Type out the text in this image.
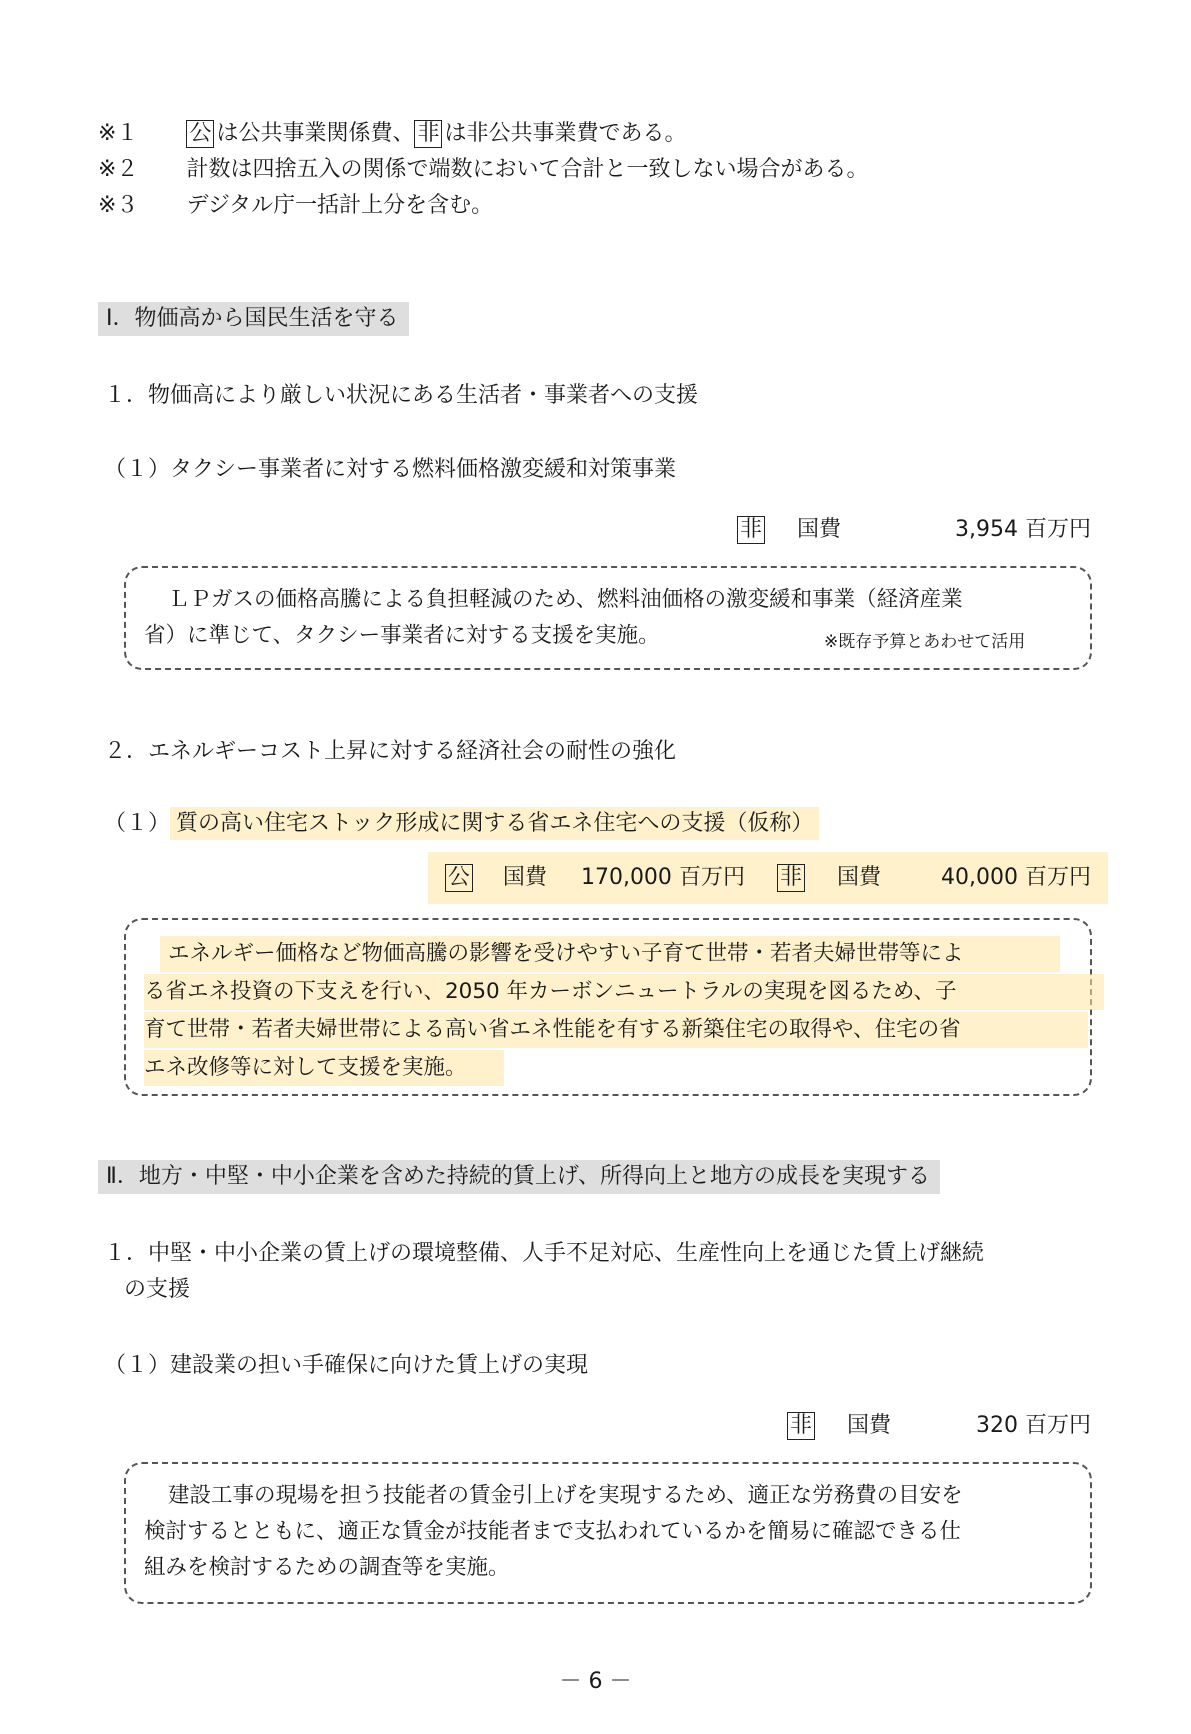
※１ 公 は公共事業関係費、 非 は非公共事業費である。
※２ 計数は四捨五入の関係で端数において合計と一致しない場合がある。
※３ デジタル庁一括計上分を含む。
Ⅰ．物価高から国民生活を守る
１．物価高により厳しい状況にある生活者・事業者への支援
（１）タクシー事業者に対する燃料価格激変緩和対策事業
非 国費	3,954 百万円
ＬＰガスの価格高騰による負担軽減のため、燃料油価格の激変緩和事業（経済産業
省）に準じて、タクシー事業者に対する支援を実施。	※既存予算とあわせて活用
２．エネルギーコスト上昇に対する経済社会の耐性の強化
（１） 質の高い住宅ストック形成に関する省エネ住宅への支援（仮称）
公 国費 170,000 百万円 非 国費	40,000 百万円
エネルギー価格など物価高騰の影響を受けやすい子育て世帯・若者夫婦世帯等によ
る省エネ投資の下支えを行い、2050 年カーボンニュートラルの実現を図るため、子
育て世帯・若者夫婦世帯による高い省エネ性能を有する新築住宅の取得や、住宅の省
エネ改修等に対して支援を実施。
Ⅱ．地方・中堅・中小企業を含めた持続的賃上げ、所得向上と地方の成長を実現する
１．中堅・中小企業の賃上げの環境整備、人手不足対応、生産性向上を通じた賃上げ継続
の支援
（１）建設業の担い手確保に向けた賃上げの実現
非 国費	320 百万円
建設工事の現場を担う技能者の賃金引上げを実現するため、適正な労務費の目安を
検討するとともに、適正な賃金が技能者まで支払われているかを簡易に確認できる仕
組みを検討するための調査等を実施。
－ 6 －
